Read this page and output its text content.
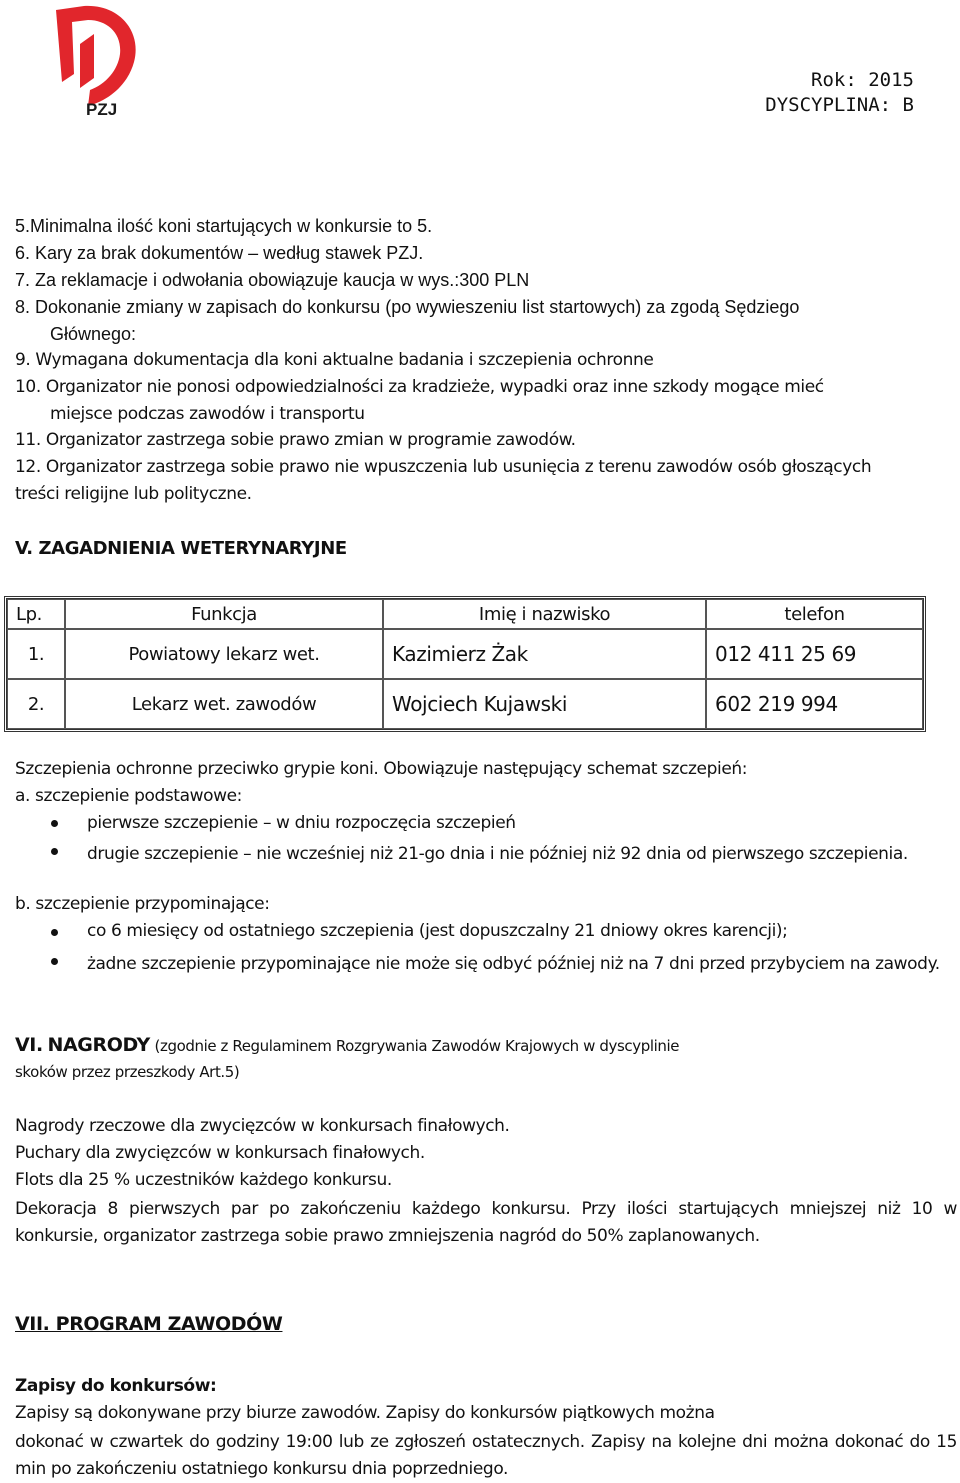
PZJ
Rok: 2015
DYSCYPLINA: B
5.Minimalna ilość koni startujących w konkursie to 5.
6. Kary za brak dokumentów – według stawek PZJ.
7. Za reklamacje i odwołania obowiązuje kaucja w wys.:300 PLN
8. Dokonanie zmiany w zapisach do konkursu (po wywieszeniu list startowych) za zgodą Sędziego
Głównego:
9. Wymagana dokumentacja dla koni aktualne badania i szczepienia ochronne
10. Organizator nie ponosi odpowiedzialności za kradzieże, wypadki oraz inne szkody mogące mieć
miejsce podczas zawodów i transportu
11. Organizator zastrzega sobie prawo zmian w programie zawodów.
12. Organizator zastrzega sobie prawo nie wpuszczenia lub usunięcia z terenu zawodów osób głoszących
treści religijne lub polityczne.
V. ZAGADNIENIA WETERYNARYJNE
Lp.	Funkcja	Imię i nazwisko	telefon
1.	Powiatowy lekarz wet.	Kazimierz Żak	012 411 25 69
2.	Lekarz wet. zawodów	Wojciech Kujawski	602 219 994
Szczepienia ochronne przeciwko grypie koni. Obowiązuje następujący schemat szczepień:
a. szczepienie podstawowe:
pierwsze szczepienie – w dniu rozpoczęcia szczepień
drugie szczepienie – nie wcześniej niż 21-go dnia i nie później niż 92 dnia od pierwszego szczepienia.
b. szczepienie przypominające:
co 6 miesięcy od ostatniego szczepienia (jest dopuszczalny 21 dniowy okres karencji);
żadne szczepienie przypominające nie może się odbyć później niż na 7 dni przed przybyciem na zawody.
VI. NAGRODY (zgodnie z Regulaminem Rozgrywania Zawodów Krajowych w dyscyplinie
skoków przez przeszkody Art.5)
Nagrody rzeczowe dla zwycięzców w konkursach finałowych.
Puchary dla zwycięzców w konkursach finałowych.
Flots dla 25 % uczestników każdego konkursu.
Dekoracja 8 pierwszych par po zakończeniu każdego konkursu. Przy ilości startujących mniejszej niż 10 w konkursie, organizator zastrzega sobie prawo zmniejszenia nagród do 50% zaplanowanych.
VII. PROGRAM ZAWODÓW
Zapisy do konkursów:
Zapisy są dokonywane przy biurze zawodów. Zapisy do konkursów piątkowych można
dokonać w czwartek do godziny 19:00 lub ze zgłoszeń ostatecznych. Zapisy na kolejne dni można dokonać do 15 min po zakończeniu ostatniego konkursu dnia poprzedniego.
